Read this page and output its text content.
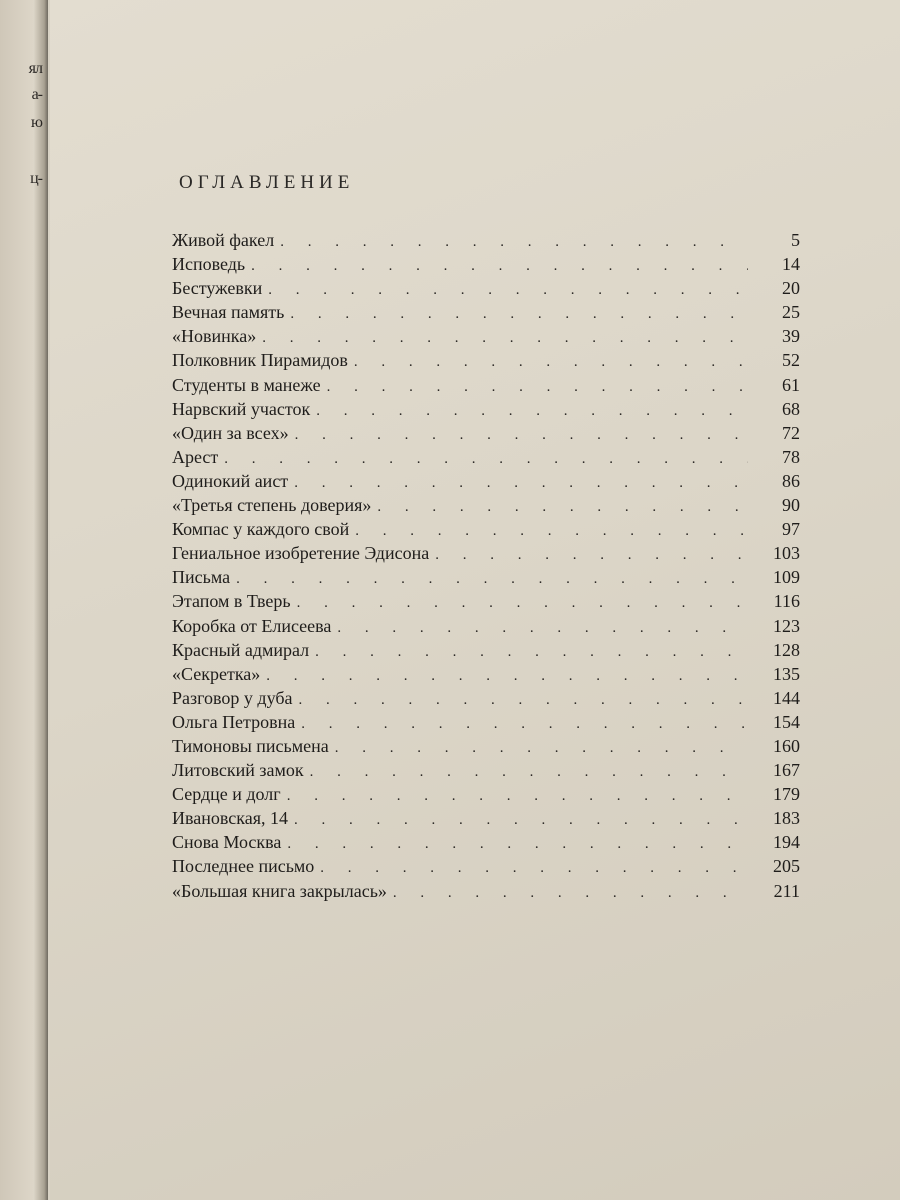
ял
а-
ю
ц-	ОГЛАВЛЕНИЕ
Живой факел . . .	5
Исповедь . . .	14
Бестужевки . . .	20
Вечная память . . .	25
«Новинка» . . .	39
Полковник Пирамидов . . .	52
Студенты в манеже . . .	61
Нарвский участок . . .	68
«Один за всех» . . .	72
Арест . . .	78
Одинокий аист . . .	86
«Третья степень доверия» . . .	90
Компас у каждого свой . . .	97
Гениальное изобретение Эдисона . . .	103
Письма . . .	109
Этапом в Тверь . . .	116
Коробка от Елисеева . . .	123
Красный адмирал . . .	128
«Секретка» . . .	135
Разговор у дуба . . .	144
Ольга Петровна . . .	154
Тимоновы письмена . . .	160
Литовский замок . . .	167
Сердце и долг . . .	179
Ивановская, 14 . . .	183
Снова Москва . . .	194
Последнее письмо . . .	205
«Большая книга закрылась» . . .	211
